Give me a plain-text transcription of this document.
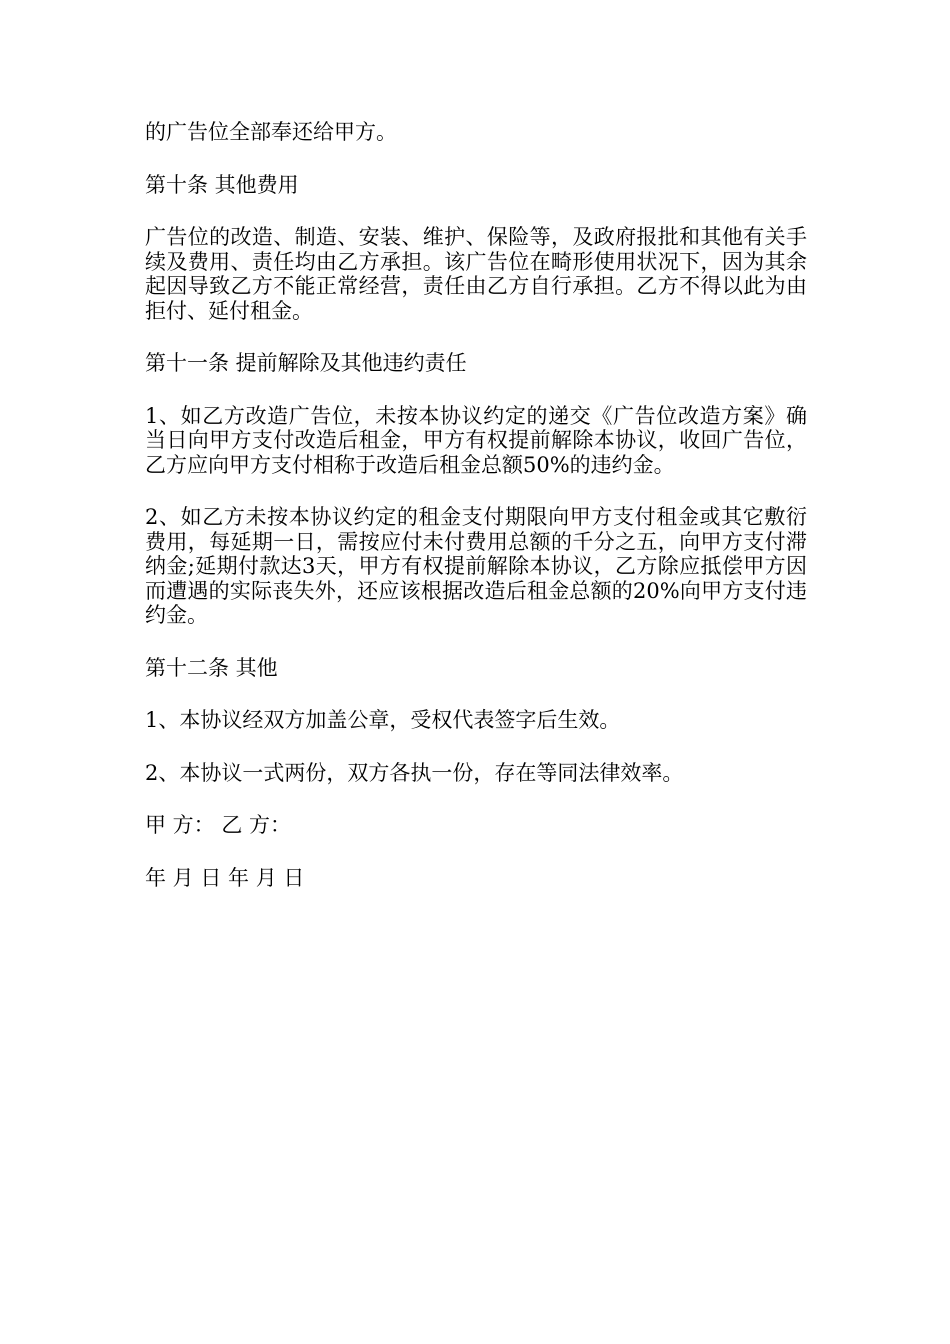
的广告位全部奉还给甲方。

第十条 其他费用

广告位的改造、制造、安装、维护、保险等，及政府报批和其他有关手续及费用、责任均由乙方承担。该广告位在畸形使用状况下，因为其余起因导致乙方不能正常经营，责任由乙方自行承担。乙方不得以此为由拒付、延付租金。

第十一条 提前解除及其他违约责任

1、如乙方改造广告位，未按本协议约定的递交《广告位改造方案》确当日向甲方支付改造后租金，甲方有权提前解除本协议，收回广告位，乙方应向甲方支付相称于改造后租金总额50%的违约金。

2、如乙方未按本协议约定的租金支付期限向甲方支付租金或其它敷衍费用，每延期一日，需按应付未付费用总额的千分之五，向甲方支付滞纳金;延期付款达3天，甲方有权提前解除本协议，乙方除应抵偿甲方因而遭遇的实际丧失外，还应该根据改造后租金总额的20%向甲方支付违约金。

第十二条 其他

1、本协议经双方加盖公章，受权代表签字后生效。

2、本协议一式两份，双方各执一份，存在等同法律效率。

甲 方： 乙 方：

年 月 日 年 月 日
